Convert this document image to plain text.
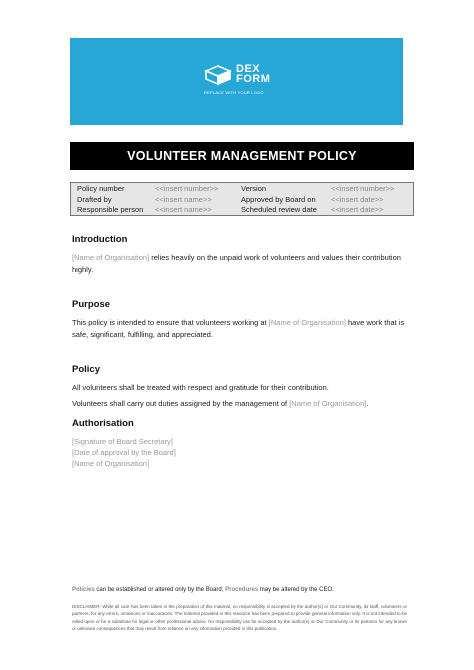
DEX
FORM
REPLACE WITH YOUR LOGO
VOLUNTEER MANAGEMENT POLICY
Policy number	<<insert number>>	Version	<<insert number>>
Drafted by	<<insert name>>	Approved by Board on <<insert date>>
Responsible person <<insert name>>	Scheduled review date <<insert date>>
Introduction
[Name of Organisation] relies heavily on the unpaid work of volunteers and values their contribution highly.
Purpose
This policy is intended to ensure that volunteers working at [Name of Organisation] have work that is safe, significant, fulfilling, and appreciated.
Policy
All volunteers shall be treated with respect and gratitude for their contribution.
Volunteers shall carry out duties assigned by the management of [Name of Organisation].
Authorisation
[Signature of Board Secretary]
[Date of approval by the Board]
[Name of Organisation]
Policies can be established or altered only by the Board; Procedures may be altered by the CEO.
DISCLAIMER: While all care has been taken in the preparation of this material, no responsibility is accepted by the author(s) or Our Community, its staff, volunteers or partners, for any errors, omissions or inaccuracies. The material provided in this resource has been prepared to provide general information only. It is not intended to be relied upon or be a substitute for legal or other professional advice. No responsibility can be accepted by the author(s) or Our Community or its partners for any known or unknown consequences that may result from reliance on any information provided in this publication.
